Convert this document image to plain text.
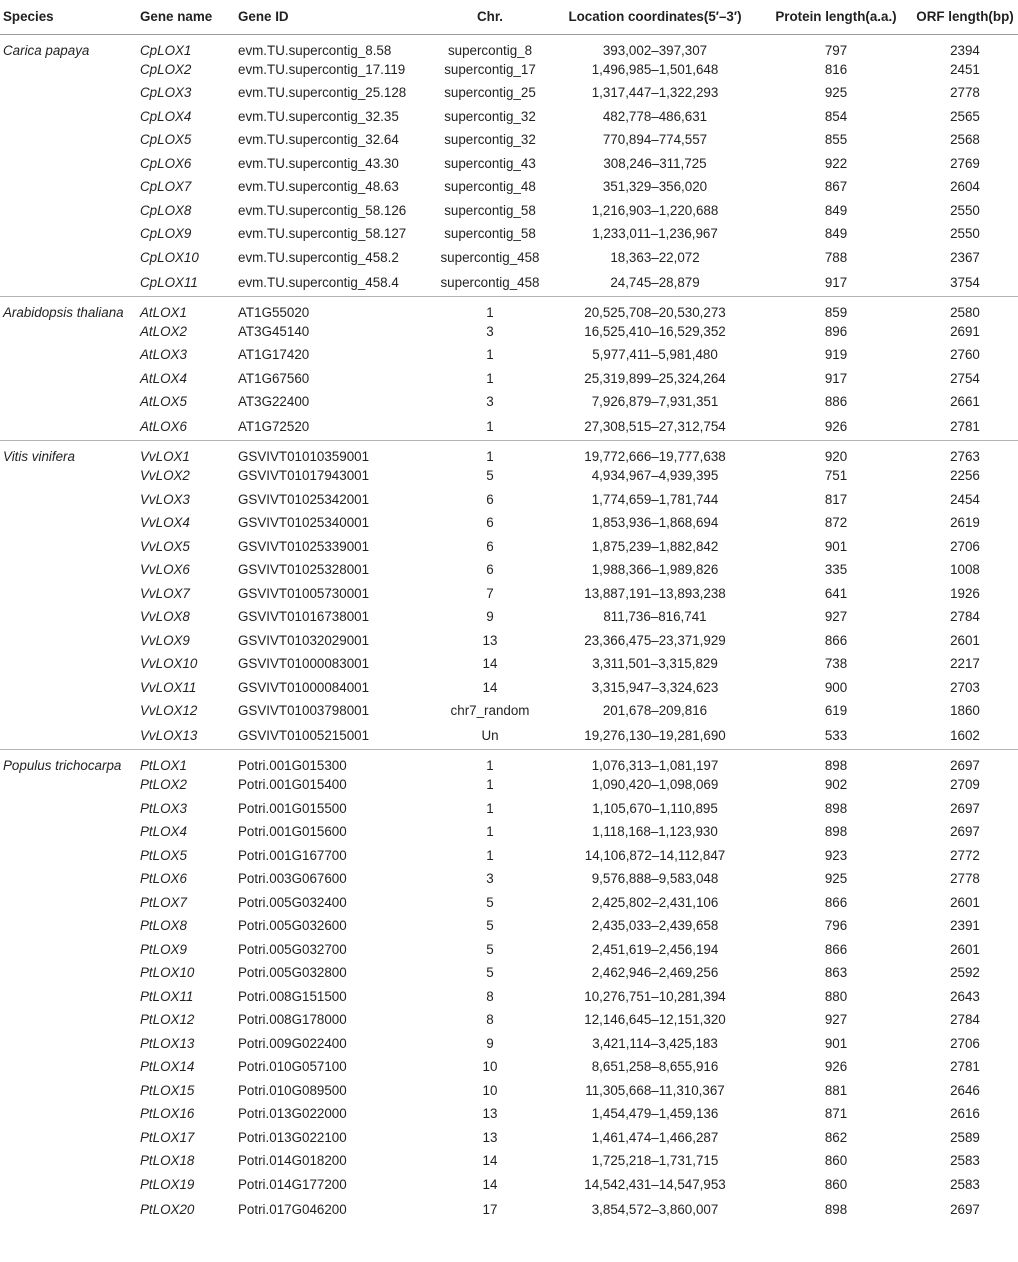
Species	Gene name	Gene ID	Chr.	Location coordinates(5′–3′)	Protein length(a.a.)	ORF length(bp)
Carica papaya	CpLOX1	evm.TU.supercontig_8.58	supercontig_8	393,002–397,307	797	2394
	CpLOX2	evm.TU.supercontig_17.119	supercontig_17	1,496,985–1,501,648	816	2451
	CpLOX3	evm.TU.supercontig_25.128	supercontig_25	1,317,447–1,322,293	925	2778
	CpLOX4	evm.TU.supercontig_32.35	supercontig_32	482,778–486,631	854	2565
	CpLOX5	evm.TU.supercontig_32.64	supercontig_32	770,894–774,557	855	2568
	CpLOX6	evm.TU.supercontig_43.30	supercontig_43	308,246–311,725	922	2769
	CpLOX7	evm.TU.supercontig_48.63	supercontig_48	351,329–356,020	867	2604
	CpLOX8	evm.TU.supercontig_58.126	supercontig_58	1,216,903–1,220,688	849	2550
	CpLOX9	evm.TU.supercontig_58.127	supercontig_58	1,233,011–1,236,967	849	2550
	CpLOX10	evm.TU.supercontig_458.2	supercontig_458	18,363–22,072	788	2367
	CpLOX11	evm.TU.supercontig_458.4	supercontig_458	24,745–28,879	917	3754
Arabidopsis thaliana	AtLOX1	AT1G55020	1	20,525,708–20,530,273	859	2580
	AtLOX2	AT3G45140	3	16,525,410–16,529,352	896	2691
	AtLOX3	AT1G17420	1	5,977,411–5,981,480	919	2760
	AtLOX4	AT1G67560	1	25,319,899–25,324,264	917	2754
	AtLOX5	AT3G22400	3	7,926,879–7,931,351	886	2661
	AtLOX6	AT1G72520	1	27,308,515–27,312,754	926	2781
Vitis vinifera	VvLOX1	GSVIVT01010359001	1	19,772,666–19,777,638	920	2763
	VvLOX2	GSVIVT01017943001	5	4,934,967–4,939,395	751	2256
	VvLOX3	GSVIVT01025342001	6	1,774,659–1,781,744	817	2454
	VvLOX4	GSVIVT01025340001	6	1,853,936–1,868,694	872	2619
	VvLOX5	GSVIVT01025339001	6	1,875,239–1,882,842	901	2706
	VvLOX6	GSVIVT01025328001	6	1,988,366–1,989,826	335	1008
	VvLOX7	GSVIVT01005730001	7	13,887,191–13,893,238	641	1926
	VvLOX8	GSVIVT01016738001	9	811,736–816,741	927	2784
	VvLOX9	GSVIVT01032029001	13	23,366,475–23,371,929	866	2601
	VvLOX10	GSVIVT01000083001	14	3,311,501–3,315,829	738	2217
	VvLOX11	GSVIVT01000084001	14	3,315,947–3,324,623	900	2703
	VvLOX12	GSVIVT01003798001	chr7_random	201,678–209,816	619	1860
	VvLOX13	GSVIVT01005215001	Un	19,276,130–19,281,690	533	1602
Populus trichocarpa	PtLOX1	Potri.001G015300	1	1,076,313–1,081,197	898	2697
	PtLOX2	Potri.001G015400	1	1,090,420–1,098,069	902	2709
	PtLOX3	Potri.001G015500	1	1,105,670–1,110,895	898	2697
	PtLOX4	Potri.001G015600	1	1,118,168–1,123,930	898	2697
	PtLOX5	Potri.001G167700	1	14,106,872–14,112,847	923	2772
	PtLOX6	Potri.003G067600	3	9,576,888–9,583,048	925	2778
	PtLOX7	Potri.005G032400	5	2,425,802–2,431,106	866	2601
	PtLOX8	Potri.005G032600	5	2,435,033–2,439,658	796	2391
	PtLOX9	Potri.005G032700	5	2,451,619–2,456,194	866	2601
	PtLOX10	Potri.005G032800	5	2,462,946–2,469,256	863	2592
	PtLOX11	Potri.008G151500	8	10,276,751–10,281,394	880	2643
	PtLOX12	Potri.008G178000	8	12,146,645–12,151,320	927	2784
	PtLOX13	Potri.009G022400	9	3,421,114–3,425,183	901	2706
	PtLOX14	Potri.010G057100	10	8,651,258–8,655,916	926	2781
	PtLOX15	Potri.010G089500	10	11,305,668–11,310,367	881	2646
	PtLOX16	Potri.013G022000	13	1,454,479–1,459,136	871	2616
	PtLOX17	Potri.013G022100	13	1,461,474–1,466,287	862	2589
	PtLOX18	Potri.014G018200	14	1,725,218–1,731,715	860	2583
	PtLOX19	Potri.014G177200	14	14,542,431–14,547,953	860	2583
	PtLOX20	Potri.017G046200	17	3,854,572–3,860,007	898	2697
